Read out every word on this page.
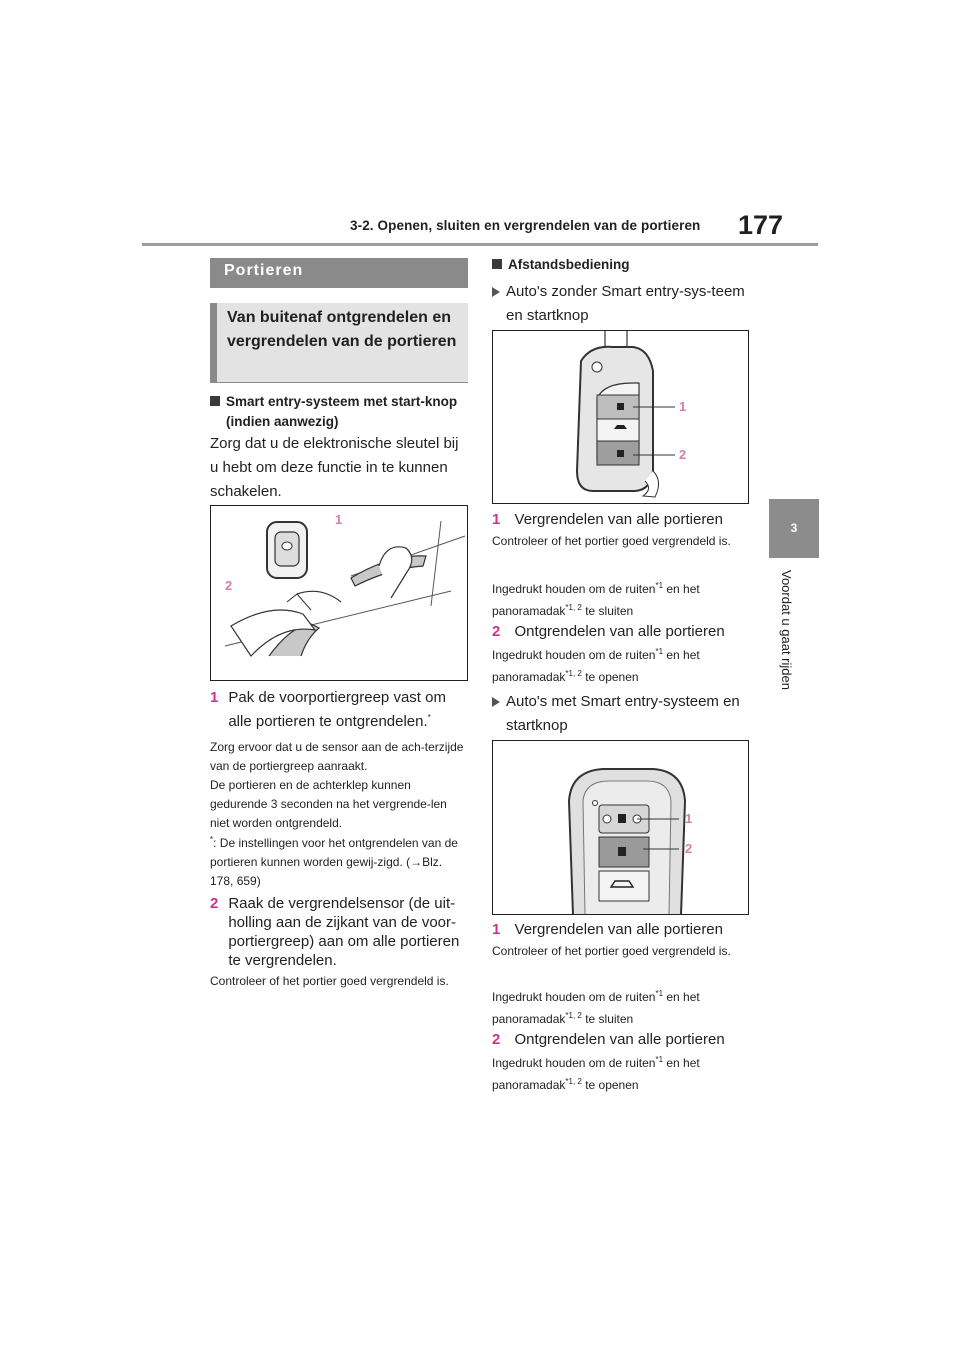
3-2. Openen, sluiten en vergrendelen van de portieren 177
3
Voordat u gaat rijden
Portieren
Van buitenaf ontgrendelen en vergrendelen van de portieren
Smart entry-systeem met start-knop (indien aanwezig)
Zorg dat u de elektronische sleutel bij u hebt om deze functie in te kunnen schakelen.
1
2
1 Pak de voorportiergreep vast om alle portieren te ontgrendelen.*
Zorg ervoor dat u de sensor aan de ach-terzijde van de portiergreep aanraakt.
De portieren en de achterklep kunnen gedurende 3 seconden na het vergrende-len niet worden ontgrendeld.
*: De instellingen voor het ontgrendelen van de portieren kunnen worden gewij-zigd. (→Blz. 178, 659)
2 Raak de vergrendelsensor (de uit-holling aan de zijkant van de voor-portiergreep) aan om alle portieren te vergrendelen.
Controleer of het portier goed vergrendeld is.
Afstandsbediening
Auto's zonder Smart entry-sys-teem en startknop
1
2
1 Vergrendelen van alle portieren
Controleer of het portier goed vergrendeld is.
Ingedrukt houden om de ruiten$^{*1}$ en het panoramadak$^{*1, 2}$ te sluiten
2 Ontgrendelen van alle portieren
Ingedrukt houden om de ruiten$^{*1}$ en het panoramadak$^{*1, 2}$ te openen
Auto's met Smart entry-systeem en startknop
1
2
1 Vergrendelen van alle portieren
Controleer of het portier goed vergrendeld is.
Ingedrukt houden om de ruiten$^{*1}$ en het panoramadak$^{*1, 2}$ te sluiten
2 Ontgrendelen van alle portieren
Ingedrukt houden om de ruiten$^{*1}$ en het panoramadak$^{*1, 2}$ te openen
